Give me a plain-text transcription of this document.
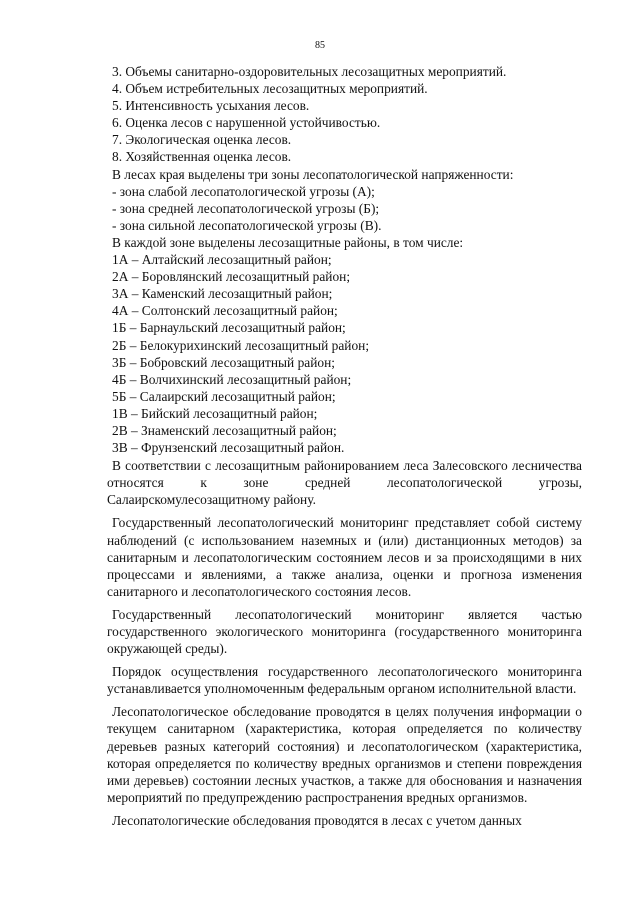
85
3. Объемы санитарно-оздоровительных лесозащитных мероприятий.
4. Объем истребительных лесозащитных мероприятий.
5. Интенсивность усыхания лесов.
6. Оценка лесов с нарушенной устойчивостью.
7. Экологическая оценка лесов.
8. Хозяйственная оценка лесов.
В лесах края выделены три зоны лесопатологической напряженности:
- зона слабой лесопатологической угрозы (А);
- зона средней лесопатологической угрозы (Б);
- зона сильной лесопатологической угрозы (В).
В каждой зоне выделены лесозащитные районы, в том числе:
1А – Алтайский лесозащитный район;
2А – Боровлянский лесозащитный район;
3А – Каменский лесозащитный район;
4А – Солтонский лесозащитный район;
1Б – Барнаульский лесозащитный район;
2Б – Белокурихинский лесозащитный район;
3Б – Бобровский лесозащитный район;
4Б – Волчихинский лесозащитный район;
5Б – Салаирский лесозащитный район;
1В – Бийский лесозащитный район;
2В – Знаменский лесозащитный район;
3В – Фрунзенский лесозащитный район.
В соответствии с лесозащитным районированием леса Залесовского лесничества относятся к зоне средней лесопатологической угрозы, Салаирскомулесозащитному району.
Государственный лесопатологический мониторинг представляет собой систему наблюдений (с использованием наземных и (или) дистанционных методов) за санитарным и лесопатологическим состоянием лесов и за происходящими в них процессами и явлениями, а также анализа, оценки и прогноза изменения санитарного и лесопатологического состояния лесов.
Государственный лесопатологический мониторинг является частью государственного экологического мониторинга (государственного мониторинга окружающей среды).
Порядок осуществления государственного лесопатологического мониторинга устанавливается уполномоченным федеральным органом исполнительной власти.
Лесопатологическое обследование проводятся в целях получения информации о текущем санитарном (характеристика, которая определяется по количеству деревьев разных категорий состояния) и лесопатологическом (характеристика, которая определяется по количеству вредных организмов и степени повреждения ими деревьев) состоянии лесных участков, а также для обоснования и назначения мероприятий по предупреждению распространения вредных организмов.
Лесопатологические обследования проводятся в лесах с учетом данных
